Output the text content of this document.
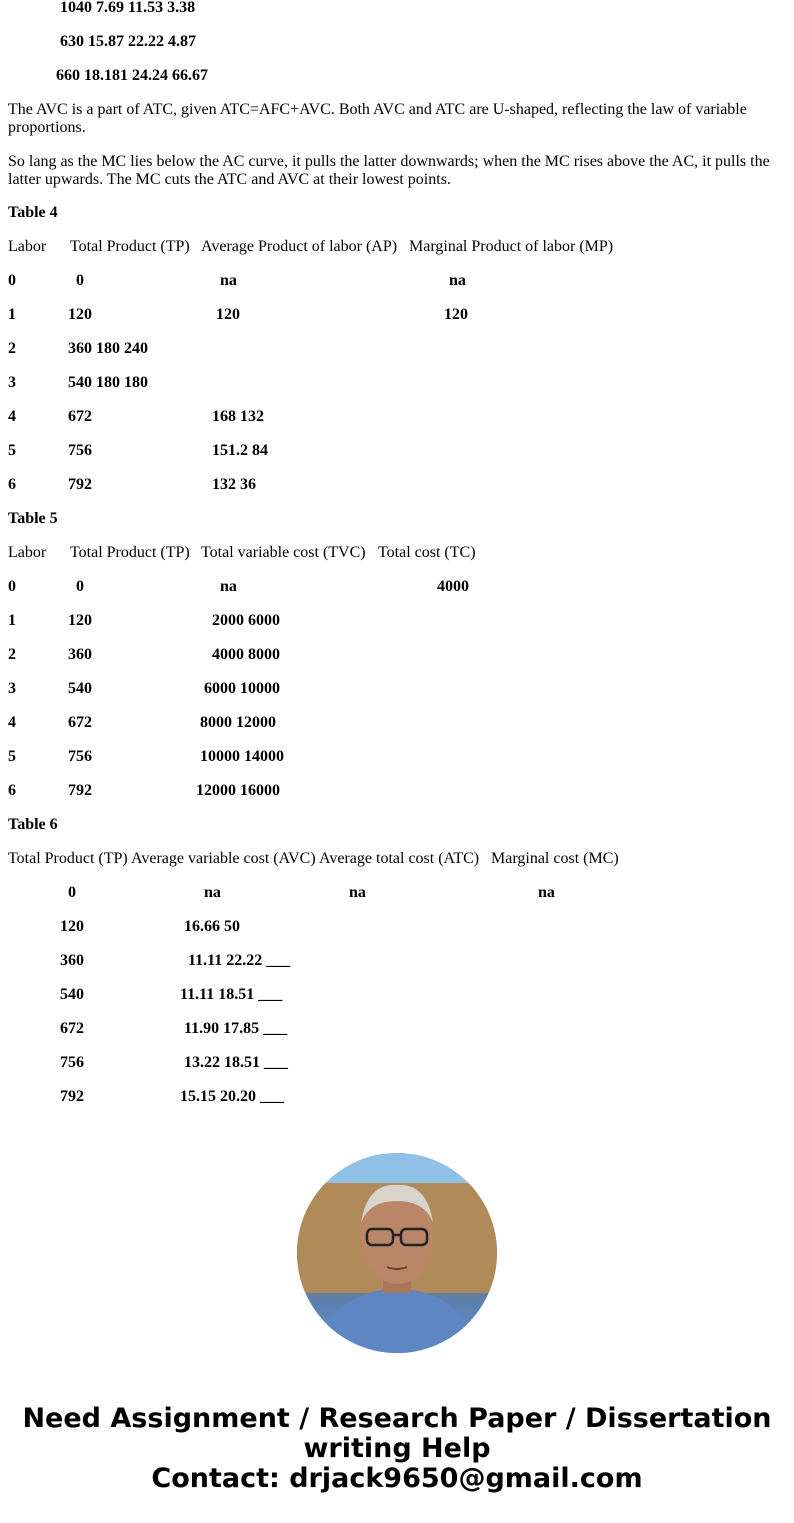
1040 7.69 11.53 3.38
630 15.87 22.22 4.87
660 18.181 24.24 66.67
The AVC is a part of ATC, given ATC=AFC+AVC. Both AVC and ATC are U-shaped, reflecting the law of variable proportions.
So lang as the MC lies below the AC curve, it pulls the latter downwards; when the MC rises above the AC, it pulls the latter upwards. The MC cuts the ATC and AVC at their lowest points.
Table 4
Labor Total Product (TP) Average Product of labor (AP) Marginal Product of labor (MP)
0	0	na	na
1	120	120	120
2	360 180 240
3	540 180 180
4	672	168 132
5	756	151.2 84
6	792	132 36
Table 5
Labor Total Product (TP) Total variable cost (TVC) Total cost (TC)
0	0	na	4000
1	120	2000 6000
2	360	4000 8000
3	540	6000 10000
4	672	8000 12000
5	756	10000 14000
6	792	12000 16000
Table 6
Total Product (TP) Average variable cost (AVC) Average total cost (ATC) Marginal cost (MC)
0	na	na	na
120	16.66 50
360	11.11 22.22 ___
540	11.11 18.51 ___
672	11.90 17.85 ___
756	13.22 18.51 ___
792	15.15 20.20 ___
Need Assignment / Research Paper / Dissertation
writing Help
Contact: drjack9650@gmail.com
